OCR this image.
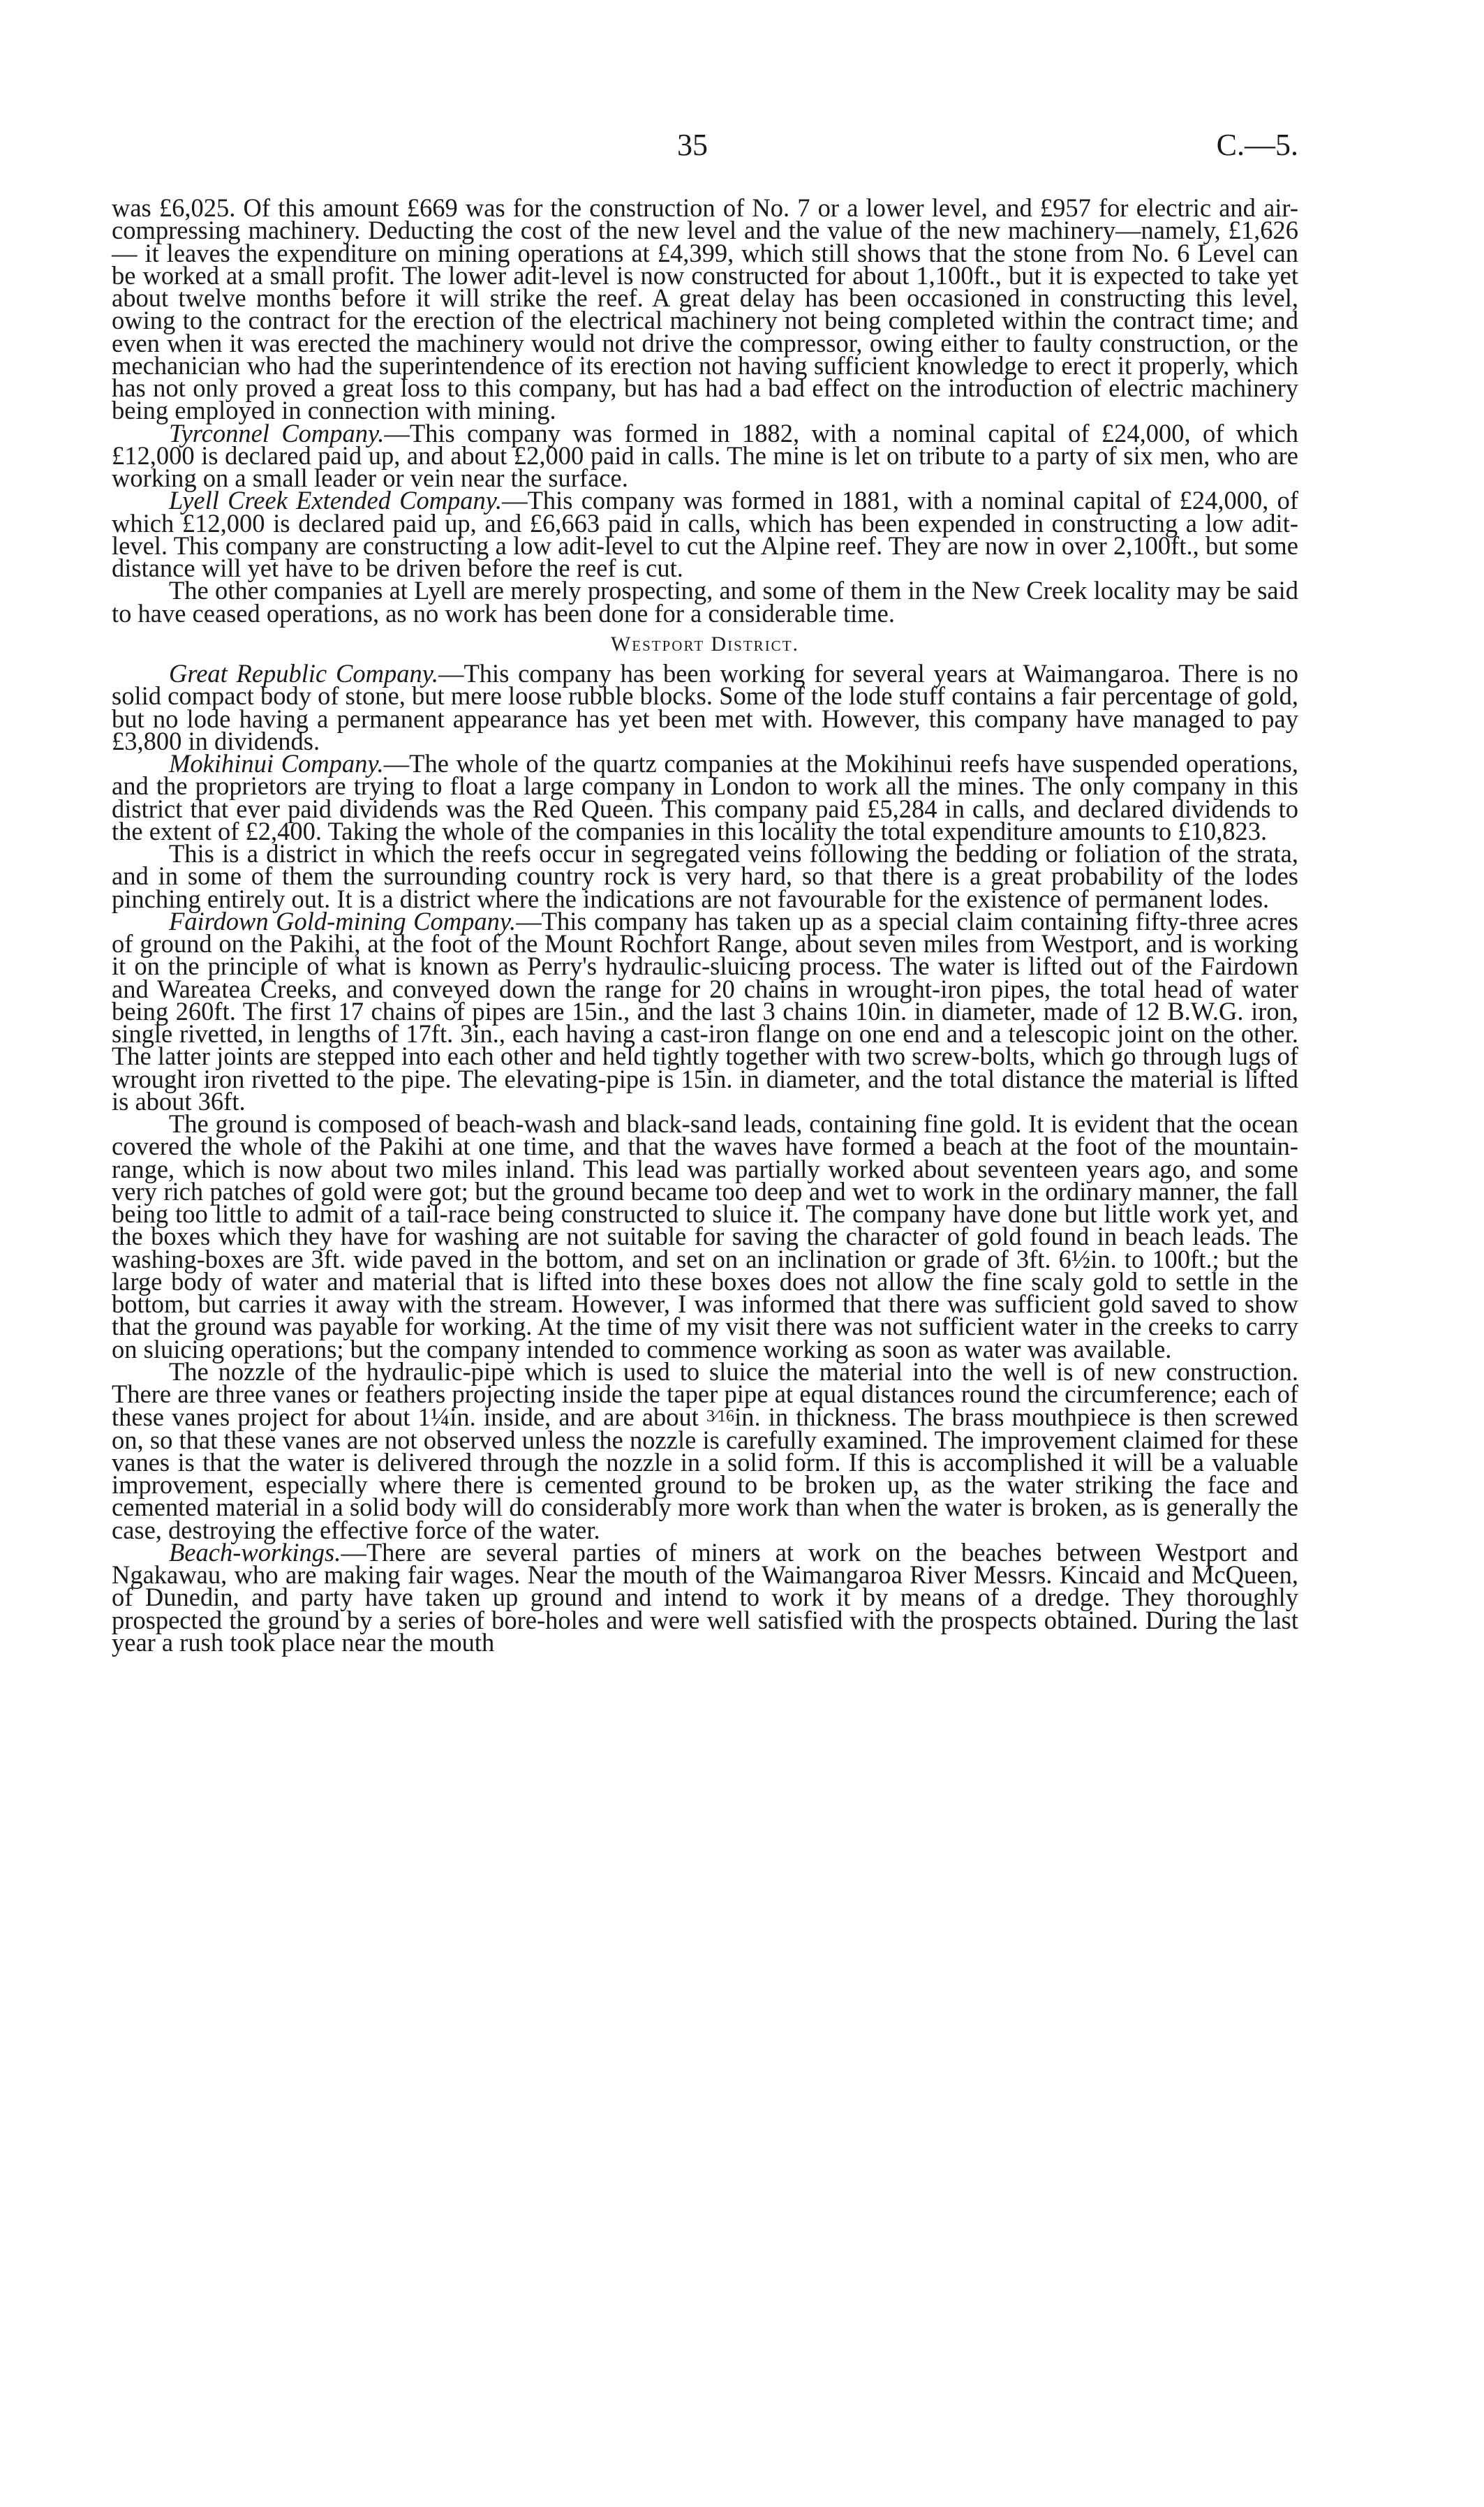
35	C.—5.

was £6,025. Of this amount £669 was for the construction of No. 7 or a lower level, and £957 for electric and air-compressing machinery. Deducting the cost of the new level and the value of the new machinery—namely, £1,626 — it leaves the expenditure on mining operations at £4,399, which still shows that the stone from No. 6 Level can be worked at a small profit. The lower adit-level is now constructed for about 1,100ft., but it is expected to take yet about twelve months before it will strike the reef. A great delay has been occasioned in constructing this level, owing to the contract for the erection of the electrical machinery not being completed within the contract time; and even when it was erected the machinery would not drive the compressor, owing either to faulty construction, or the mechanician who had the superintendence of its erection not having sufficient knowledge to erect it properly, which has not only proved a great loss to this company, but has had a bad effect on the introduction of electric machinery being employed in connection with mining.

Tyrconnel Company.—This company was formed in 1882, with a nominal capital of £24,000, of which £12,000 is declared paid up, and about £2,000 paid in calls. The mine is let on tribute to a party of six men, who are working on a small leader or vein near the surface.

Lyell Creek Extended Company.—This company was formed in 1881, with a nominal capital of £24,000, of which £12,000 is declared paid up, and £6,663 paid in calls, which has been expended in constructing a low adit-level. This company are constructing a low adit-level to cut the Alpine reef. They are now in over 2,100ft., but some distance will yet have to be driven before the reef is cut.

The other companies at Lyell are merely prospecting, and some of them in the New Creek locality may be said to have ceased operations, as no work has been done for a considerable time.

Westport District.

Great Republic Company.—This company has been working for several years at Waimangaroa. There is no solid compact body of stone, but mere loose rubble blocks. Some of the lode stuff contains a fair percentage of gold, but no lode having a permanent appearance has yet been met with. However, this company have managed to pay £3,800 in dividends.

Mokihinui Company.—The whole of the quartz companies at the Mokihinui reefs have suspended operations, and the proprietors are trying to float a large company in London to work all the mines. The only company in this district that ever paid dividends was the Red Queen. This company paid £5,284 in calls, and declared dividends to the extent of £2,400. Taking the whole of the companies in this locality the total expenditure amounts to £10,823.

This is a district in which the reefs occur in segregated veins following the bedding or foliation of the strata, and in some of them the surrounding country rock is very hard, so that there is a great probability of the lodes pinching entirely out. It is a district where the indications are not favourable for the existence of permanent lodes.

Fairdown Gold-mining Company.—This company has taken up as a special claim containing fifty-three acres of ground on the Pakihi, at the foot of the Mount Rochfort Range, about seven miles from Westport, and is working it on the principle of what is known as Perry's hydraulic-sluicing process. The water is lifted out of the Fairdown and Wareatea Creeks, and conveyed down the range for 20 chains in wrought-iron pipes, the total head of water being 260ft. The first 17 chains of pipes are 15in., and the last 3 chains 10in. in diameter, made of 12 B.W.G. iron, single rivetted, in lengths of 17ft. 3in., each having a cast-iron flange on one end and a telescopic joint on the other. The latter joints are stepped into each other and held tightly together with two screw-bolts, which go through lugs of wrought iron rivetted to the pipe. The elevating-pipe is 15in. in diameter, and the total distance the material is lifted is about 36ft.

The ground is composed of beach-wash and black-sand leads, containing fine gold. It is evident that the ocean covered the whole of the Pakihi at one time, and that the waves have formed a beach at the foot of the mountain-range, which is now about two miles inland. This lead was partially worked about seventeen years ago, and some very rich patches of gold were got; but the ground became too deep and wet to work in the ordinary manner, the fall being too little to admit of a tail-race being constructed to sluice it. The company have done but little work yet, and the boxes which they have for washing are not suitable for saving the character of gold found in beach leads. The washing-boxes are 3ft. wide paved in the bottom, and set on an inclination or grade of 3ft. 6½in. to 100ft.; but the large body of water and material that is lifted into these boxes does not allow the fine scaly gold to settle in the bottom, but carries it away with the stream. However, I was informed that there was sufficient gold saved to show that the ground was payable for working. At the time of my visit there was not sufficient water in the creeks to carry on sluicing operations; but the company intended to commence working as soon as water was available.

The nozzle of the hydraulic-pipe which is used to sluice the material into the well is of new construction. There are three vanes or feathers projecting inside the taper pipe at equal distances round the circumference; each of these vanes project for about 1¼in. inside, and are about 3⁄16in. in thickness. The brass mouthpiece is then screwed on, so that these vanes are not observed unless the nozzle is carefully examined. The improvement claimed for these vanes is that the water is delivered through the nozzle in a solid form. If this is accomplished it will be a valuable improvement, especially where there is cemented ground to be broken up, as the water striking the face and cemented material in a solid body will do considerably more work than when the water is broken, as is generally the case, destroying the effective force of the water.

Beach-workings.—There are several parties of miners at work on the beaches between Westport and Ngakawau, who are making fair wages. Near the mouth of the Waimangaroa River Messrs. Kincaid and McQueen, of Dunedin, and party have taken up ground and intend to work it by means of a dredge. They thoroughly prospected the ground by a series of bore-holes and were well satisfied with the prospects obtained. During the last year a rush took place near the mouth
